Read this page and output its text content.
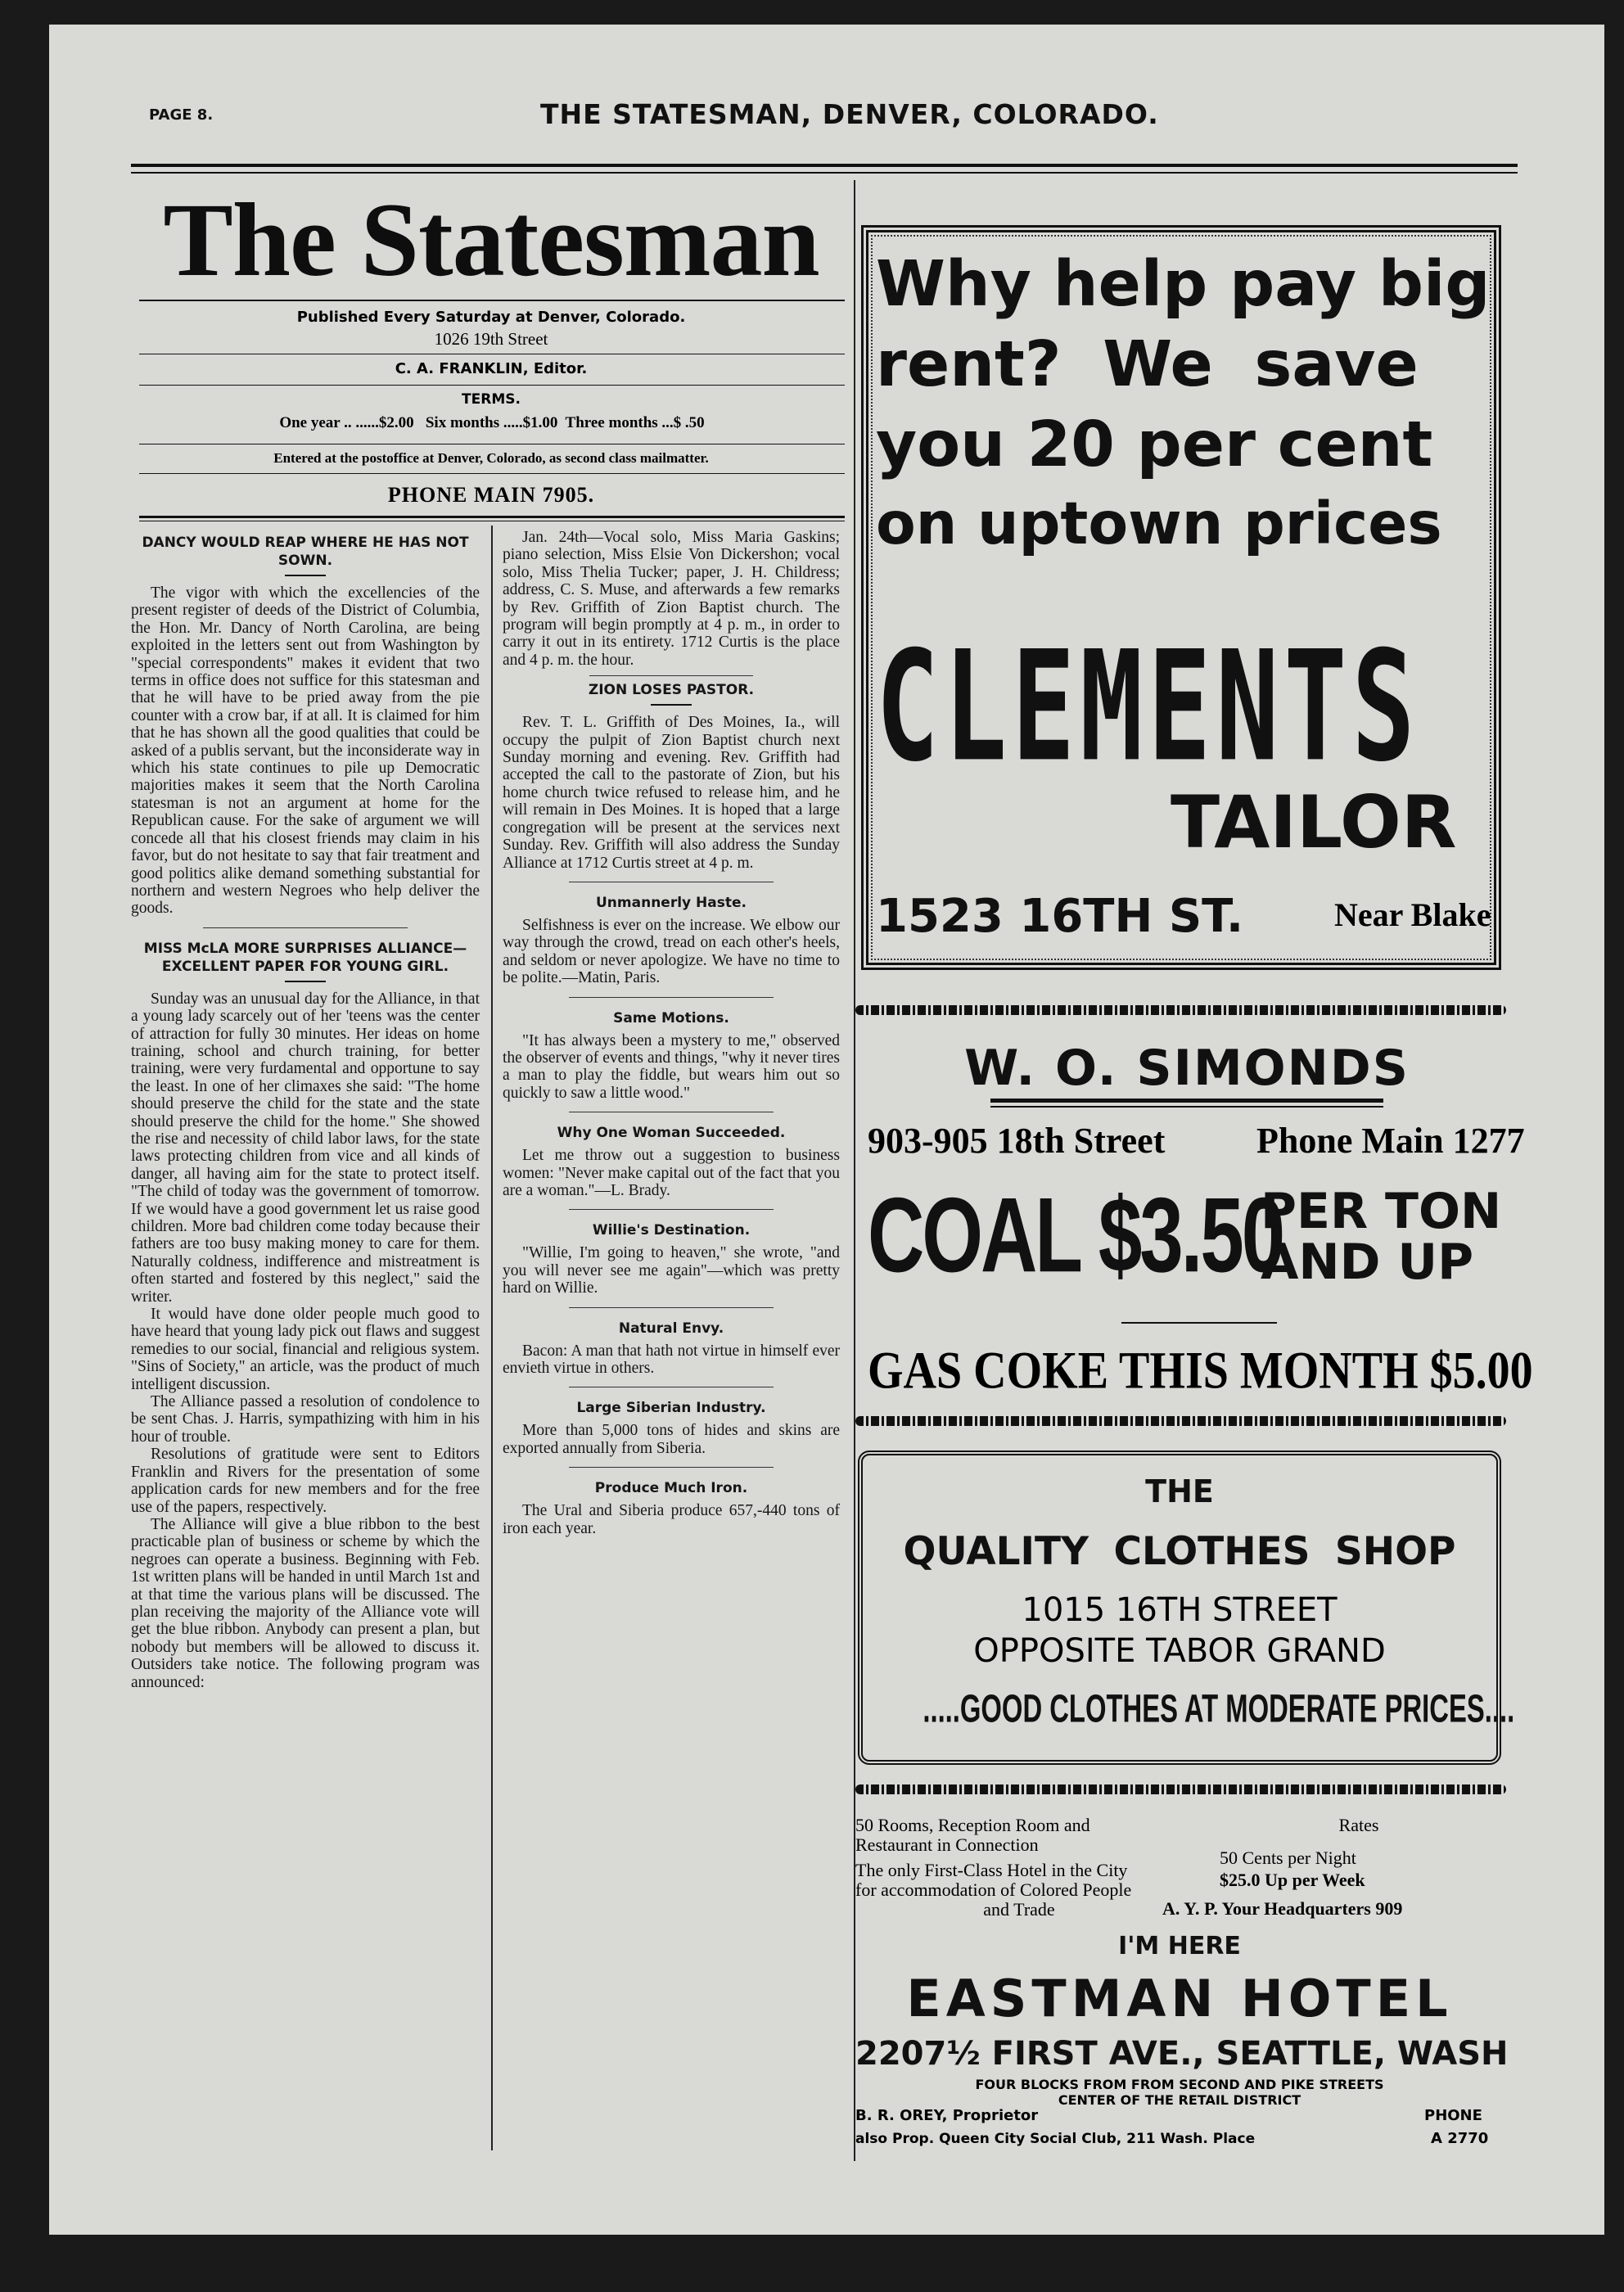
PAGE 8.	THE STATESMAN, DENVER, COLORADO.
The Statesman
Published Every Saturday at Denver, Colorado.
1026 19th Street
C. A. FRANKLIN, Editor.
TERMS.
One year .. ......$2.00   Six months .....$1.00  Three months ...$ .50
Entered at the postoffice at Denver, Colorado, as second class mailmatter.
PHONE MAIN 7905.
DANCY WOULD REAP WHERE HE HAS NOT SOWN.

The vigor with which the excellencies of the present register of deeds of the District of Columbia, the Hon. Mr. Dancy of North Carolina, are being exploited in the letters sent out from Washington by "special correspondents" makes it evident that two terms in office does not suffice for this statesman and that he will have to be pried away from the pie counter with a crow bar, if at all. It is claimed for him that he has shown all the good qualities that could be asked of a publis servant, but the inconsiderate way in which his state continues to pile up Democratic majorities makes it seem that the North Carolina statesman is not an argument at home for the Republican cause. For the sake of argument we will concede all that his closest friends may claim in his favor, but do not hesitate to say that fair treatment and good politics alike demand something substantial for northern and western Negroes who help deliver the goods.

MISS McLA MORE SURPRISES ALLIANCE—EXCELLENT PAPER FOR YOUNG GIRL.

Sunday was an unusual day for the Alliance, in that a young lady scarcely out of her 'teens was the center of attraction for fully 30 minutes. Her ideas on home training, school and church training, for better training, were very furdamental and opportune to say the least. In one of her climaxes she said: "The home should preserve the child for the state and the state should preserve the child for the home." She showed the rise and necessity of child labor laws, for the state laws protecting children from vice and all kinds of danger, all having aim for the state to protect itself. "The child of today was the government of tomorrow. If we would have a good government let us raise good children. More bad children come today because their fathers are too busy making money to care for them. Naturally coldness, indifference and mistreatment is often started and fostered by this neglect," said the writer.

It would have done older people much good to have heard that young lady pick out flaws and suggest remedies to our social, financial and religious system. "Sins of Society," an article, was the product of much intelligent discussion.

The Alliance passed a resolution of condolence to be sent Chas. J. Harris, sympathizing with him in his hour of trouble.

Resolutions of gratitude were sent to Editors Franklin and Rivers for the presentation of some application cards for new members and for the free use of the papers, respectively.

The Alliance will give a blue ribbon to the best practicable plan of business or scheme by which the negroes can operate a business. Beginning with Feb. 1st written plans will be handed in until March 1st and at that time the various plans will be discussed. The plan receiving the majority of the Alliance vote will get the blue ribbon. Anybody can present a plan, but nobody but members will be allowed to discuss it. Outsiders take notice. The following program was announced:

Jan. 24th—Vocal solo, Miss Maria Gaskins; piano selection, Miss Elsie Von Dickershon; vocal solo, Miss Thelia Tucker; paper, J. H. Childress; address, C. S. Muse, and afterwards a few remarks by Rev. Griffith of Zion Baptist church. The program will begin promptly at 4 p. m., in order to carry it out in its entirety. 1712 Curtis is the place and 4 p. m. the hour.

ZION LOSES PASTOR.

Rev. T. L. Griffith of Des Moines, Ia., will occupy the pulpit of Zion Baptist church next Sunday morning and evening. Rev. Griffith had accepted the call to the pastorate of Zion, but his home church twice refused to release him, and he will remain in Des Moines. It is hoped that a large congregation will be present at the services next Sunday. Rev. Griffith will also address the Sunday Alliance at 1712 Curtis street at 4 p. m.

Unmannerly Haste.

Selfishness is ever on the increase. We elbow our way through the crowd, tread on each other's heels, and seldom or never apologize. We have no time to be polite.—Matin, Paris.

Same Motions.

"It has always been a mystery to me," observed the observer of events and things, "why it never tires a man to play the fiddle, but wears him out so quickly to saw a little wood."

Why One Woman Succeeded.

Let me throw out a suggestion to business women: "Never make capital out of the fact that you are a woman."—L. Brady.

Willie's Destination.

"Willie, I'm going to heaven," she wrote, "and you will never see me again"—which was pretty hard on Willie.

Natural Envy.

Bacon: A man that hath not virtue in himself ever envieth virtue in others.

Large Siberian Industry.

More than 5,000 tons of hides and skins are exported annually from Siberia.

Produce Much Iron.

The Ural and Siberia produce 657,-440 tons of iron each year.

Why help pay big
rent? We save
you 20 per cent
on uptown prices
CLEMENTS
TAILOR
1523 16TH ST.	Near Blake
W. O. SIMONDS
903-905 18th Street	Phone Main 1277
COAL $3.50
PER TON
AND UP
GAS COKE THIS MONTH $5.00
THE
QUALITY CLOTHES SHOP
1015 16TH STREET
OPPOSITE TABOR GRAND
.....GOOD CLOTHES AT MODERATE PRICES....
50 Rooms, Reception Room and
Restaurant in Connection
The only First-Class Hotel in the City
for accommodation of Colored People
and Trade
Rates
50 Cents per Night
$25.0 Up per Week
A. Y. P. Your Headquarters 909
I'M HERE
EASTMAN HOTEL
2207½ FIRST AVE., SEATTLE, WASH
FOUR BLOCKS FROM FROM SECOND AND PIKE STREETS
CENTER OF THE RETAIL DISTRICT
B. R. OREY, Proprietor
also Prop. Queen City Social Club, 211 Wash. Place
PHONE
A 2770
